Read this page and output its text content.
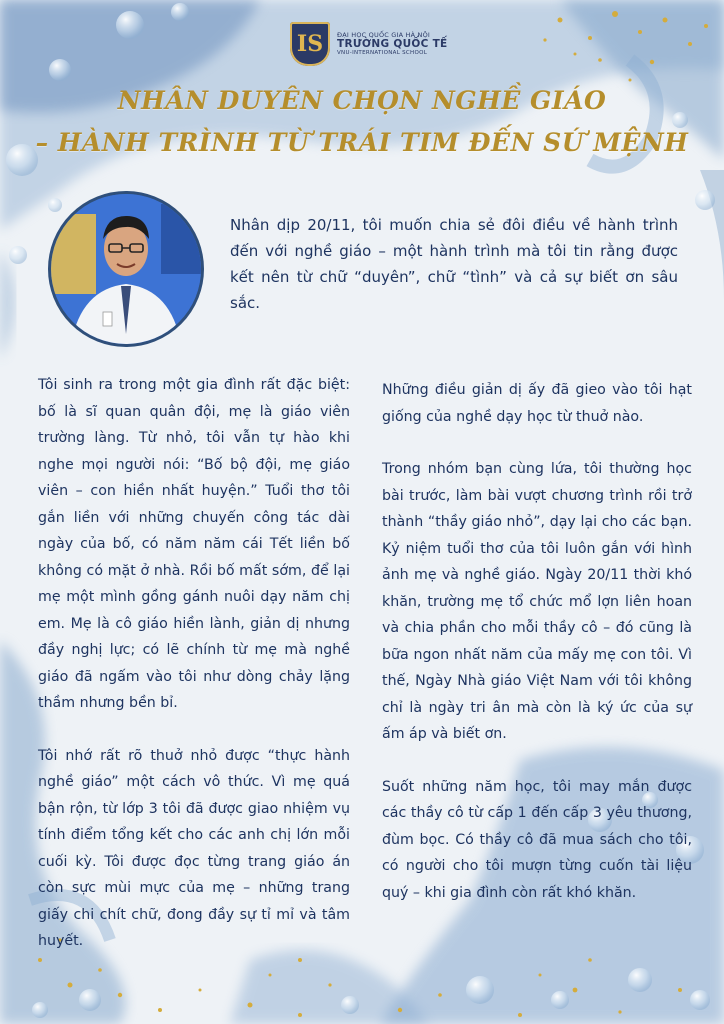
IS ĐẠI HỌC QUỐC GIA HÀ NỘI
TRƯỜNG QUỐC TẾ
VNU-INTERNATIONAL SCHOOL
NHÂN DUYÊN CHỌN NGHỀ GIÁO
– HÀNH TRÌNH TỪ TRÁI TIM ĐẾN SỨ MỆNH
Nhân dịp 20/11, tôi muốn chia sẻ đôi điều về hành trình đến với nghề giáo – một hành trình mà tôi tin rằng được kết nên từ chữ “duyên”, chữ “tình” và cả sự biết ơn sâu sắc.

Tôi sinh ra trong một gia đình rất đặc biệt: bố là sĩ quan quân đội, mẹ là giáo viên trường làng. Từ nhỏ, tôi vẫn tự hào khi nghe mọi người nói: “Bố bộ đội, mẹ giáo viên – con hiền nhất huyện.” Tuổi thơ tôi gắn liền với những chuyến công tác dài ngày của bố, có năm năm cái Tết liền bố không có mặt ở nhà. Rồi bố mất sớm, để lại mẹ một mình gồng gánh nuôi dạy năm chị em. Mẹ là cô giáo hiền lành, giản dị nhưng đầy nghị lực; có lẽ chính từ mẹ mà nghề giáo đã ngấm vào tôi như dòng chảy lặng thầm nhưng bền bỉ.

Tôi nhớ rất rõ thuở nhỏ được “thực hành nghề giáo” một cách vô thức. Vì mẹ quá bận rộn, từ lớp 3 tôi đã được giao nhiệm vụ tính điểm tổng kết cho các anh chị lớn mỗi cuối kỳ. Tôi được đọc từng trang giáo án còn sực mùi mực của mẹ – những trang giấy chi chít chữ, đong đầy sự tỉ mỉ và tâm huyết.

Những điều giản dị ấy đã gieo vào tôi hạt giống của nghề dạy học từ thuở nào.

Trong nhóm bạn cùng lứa, tôi thường học bài trước, làm bài vượt chương trình rồi trở thành “thầy giáo nhỏ”, dạy lại cho các bạn. Kỷ niệm tuổi thơ của tôi luôn gắn với hình ảnh mẹ và nghề giáo. Ngày 20/11 thời khó khăn, trường mẹ tổ chức mổ lợn liên hoan và chia phần cho mỗi thầy cô – đó cũng là bữa ngon nhất năm của mấy mẹ con tôi. Vì thế, Ngày Nhà giáo Việt Nam với tôi không chỉ là ngày tri ân mà còn là ký ức của sự ấm áp và biết ơn.

Suốt những năm học, tôi may mắn được các thầy cô từ cấp 1 đến cấp 3 yêu thương, đùm bọc. Có thầy cô đã mua sách cho tôi, có người cho tôi mượn từng cuốn tài liệu quý – khi gia đình còn rất khó khăn.
